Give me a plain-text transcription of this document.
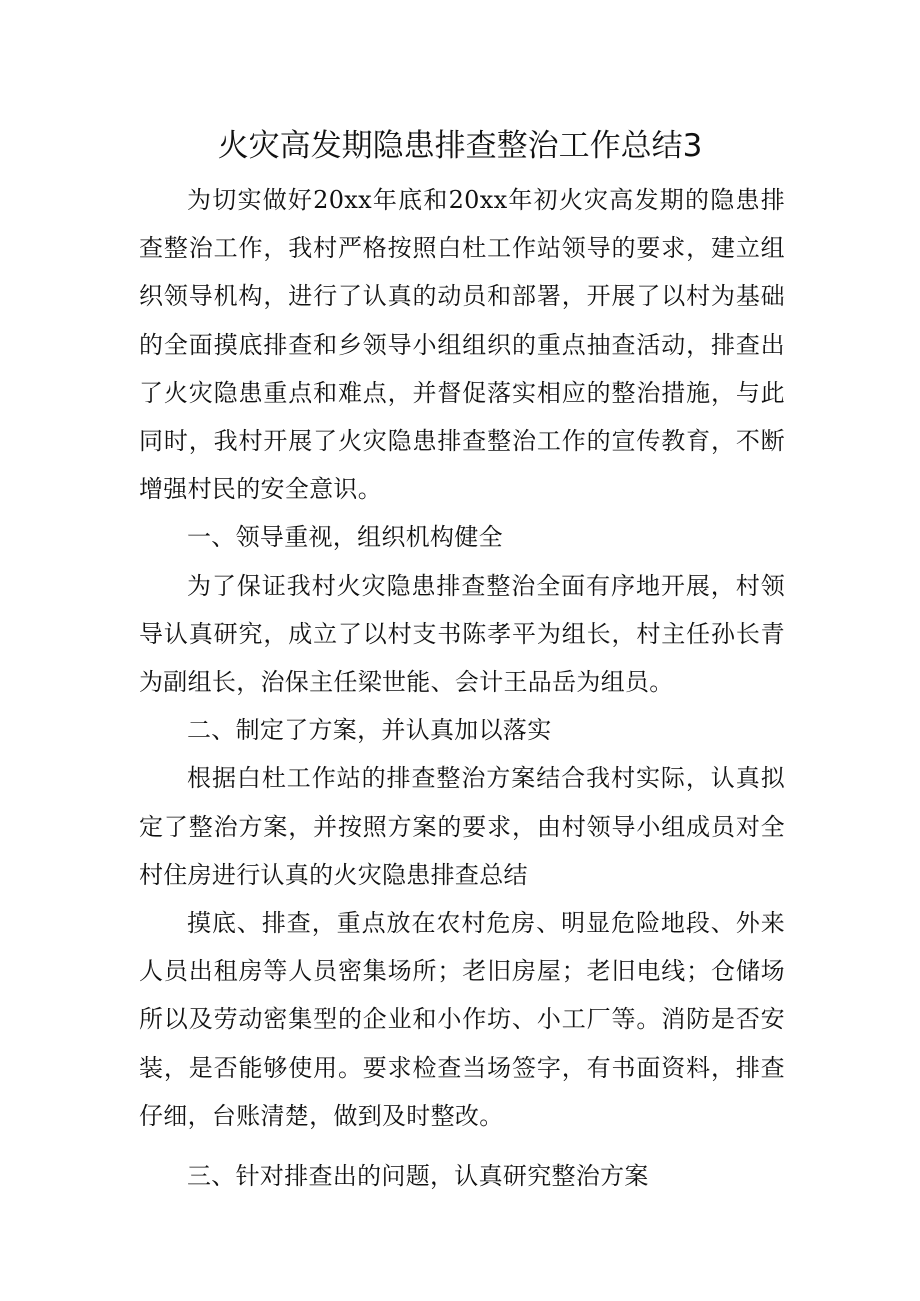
火灾高发期隐患排查整治工作总结3

为切实做好20xx年底和20xx年初火灾高发期的隐患排查整治工作，我村严格按照白杜工作站领导的要求，建立组织领导机构，进行了认真的动员和部署，开展了以村为基础的全面摸底排查和乡领导小组组织的重点抽查活动，排查出了火灾隐患重点和难点，并督促落实相应的整治措施，与此同时，我村开展了火灾隐患排查整治工作的宣传教育，不断增强村民的安全意识。

一、领导重视，组织机构健全

为了保证我村火灾隐患排查整治全面有序地开展，村领导认真研究，成立了以村支书陈孝平为组长，村主任孙长青为副组长，治保主任梁世能、会计王品岳为组员。

二、制定了方案，并认真加以落实

根据白杜工作站的排查整治方案结合我村实际，认真拟定了整治方案，并按照方案的要求，由村领导小组成员对全村住房进行认真的火灾隐患排查总结

摸底、排查，重点放在农村危房、明显危险地段、外来人员出租房等人员密集场所；老旧房屋；老旧电线；仓储场所以及劳动密集型的企业和小作坊、小工厂等。消防是否安装，是否能够使用。要求检查当场签字，有书面资料，排查仔细，台账清楚，做到及时整改。

三、针对排查出的问题，认真研究整治方案
